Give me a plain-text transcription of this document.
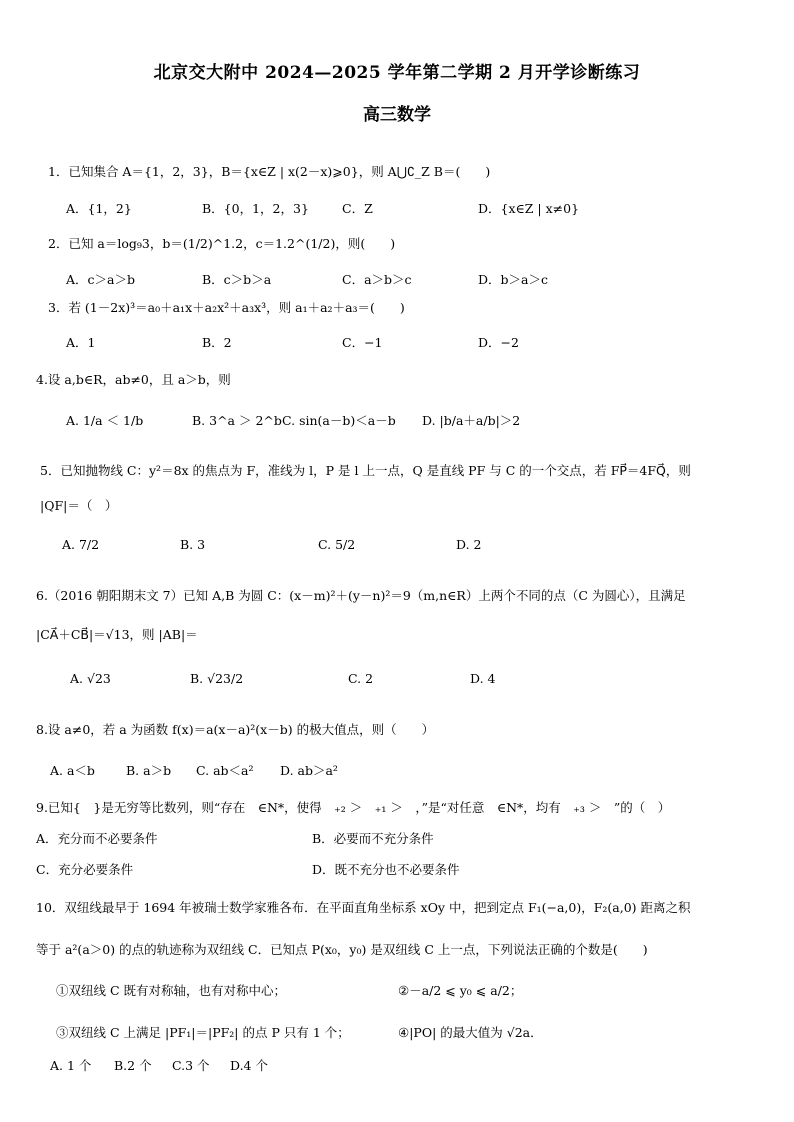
北京交大附中 2024—2025 学年第二学期 2 月开学诊断练习
高三数学
1．已知集合 A＝{1，2，3}，B＝{x∈Z | x(2－x)⩾0}，则 A⋃∁_Z B＝(　　)
A．{1，2}	B．{0，1，2，3}	C．Z	D．{x∈Z | x≠0}
2．已知 a＝log₉3，b＝(1/2)^1.2，c＝1.2^(1/2)，则(　　)
A．c＞a＞b	B．c＞b＞a	C．a＞b＞c	D．b＞a＞c
3．若 (1－2x)³＝a₀＋a₁x＋a₂x²＋a₃x³，则 a₁＋a₂＋a₃＝(　　)
A．1	B．2	C．−1	D．−2
4.设 a,b∈R，ab≠0，且 a＞b，则
A. 1/a ＜ 1/b	B. 3^a ＞ 2^b C. sin(a－b)＜a－b D. |b/a＋a/b|＞2
5．已知抛物线 C：y²＝8x 的焦点为 F，准线为 l，P 是 l 上一点，Q 是直线 PF 与 C 的一个交点，若 FP⃗＝4FQ⃗，则
|QF|＝（　）
A. 7/2	B. 3	C. 5/2	D. 2
6.（2016 朝阳期末文 7）已知 A,B 为圆 C：(x－m)²＋(y－n)²＝9（m,n∈R）上两个不同的点（C 为圆心），且满足
|CA⃗＋CB⃗|＝√13，则 |AB|＝
A. √23	B. √23/2	C. 2	D. 4
8.设 a≠0，若 a 为函数 f(x)＝a(x－a)²(x－b) 的极大值点，则（　　）
A. a＜b B. a＞b C. ab＜a² D. ab＞a²
9.已知{　}是无穷等比数列，则“存在　∈N*，使得　₊₂ ＞　₊₁ ＞　，”是“对任意　∈N*，均有　₊₃ ＞　”的（　）
A．充分而不必要条件	B．必要而不充分条件
C．充分必要条件	D．既不充分也不必要条件
10．双纽线最早于 1694 年被瑞士数学家雅各布．在平面直角坐标系 xOy 中，把到定点 F₁(−a,0)，F₂(a,0) 距离之积
等于 a²(a＞0) 的点的轨迹称为双纽线 C．已知点 P(x₀，y₀) 是双纽线 C 上一点，下列说法正确的个数是(　　)
①双纽线 C 既有对称轴，也有对称中心；	②－a/2 ⩽ y₀ ⩽ a/2；
③双纽线 C 上满足 |PF₁|＝|PF₂| 的点 P 只有 1 个；	④|PO| 的最大值为 √2a．
A. 1 个 B.2 个 C.3 个 D.4 个
